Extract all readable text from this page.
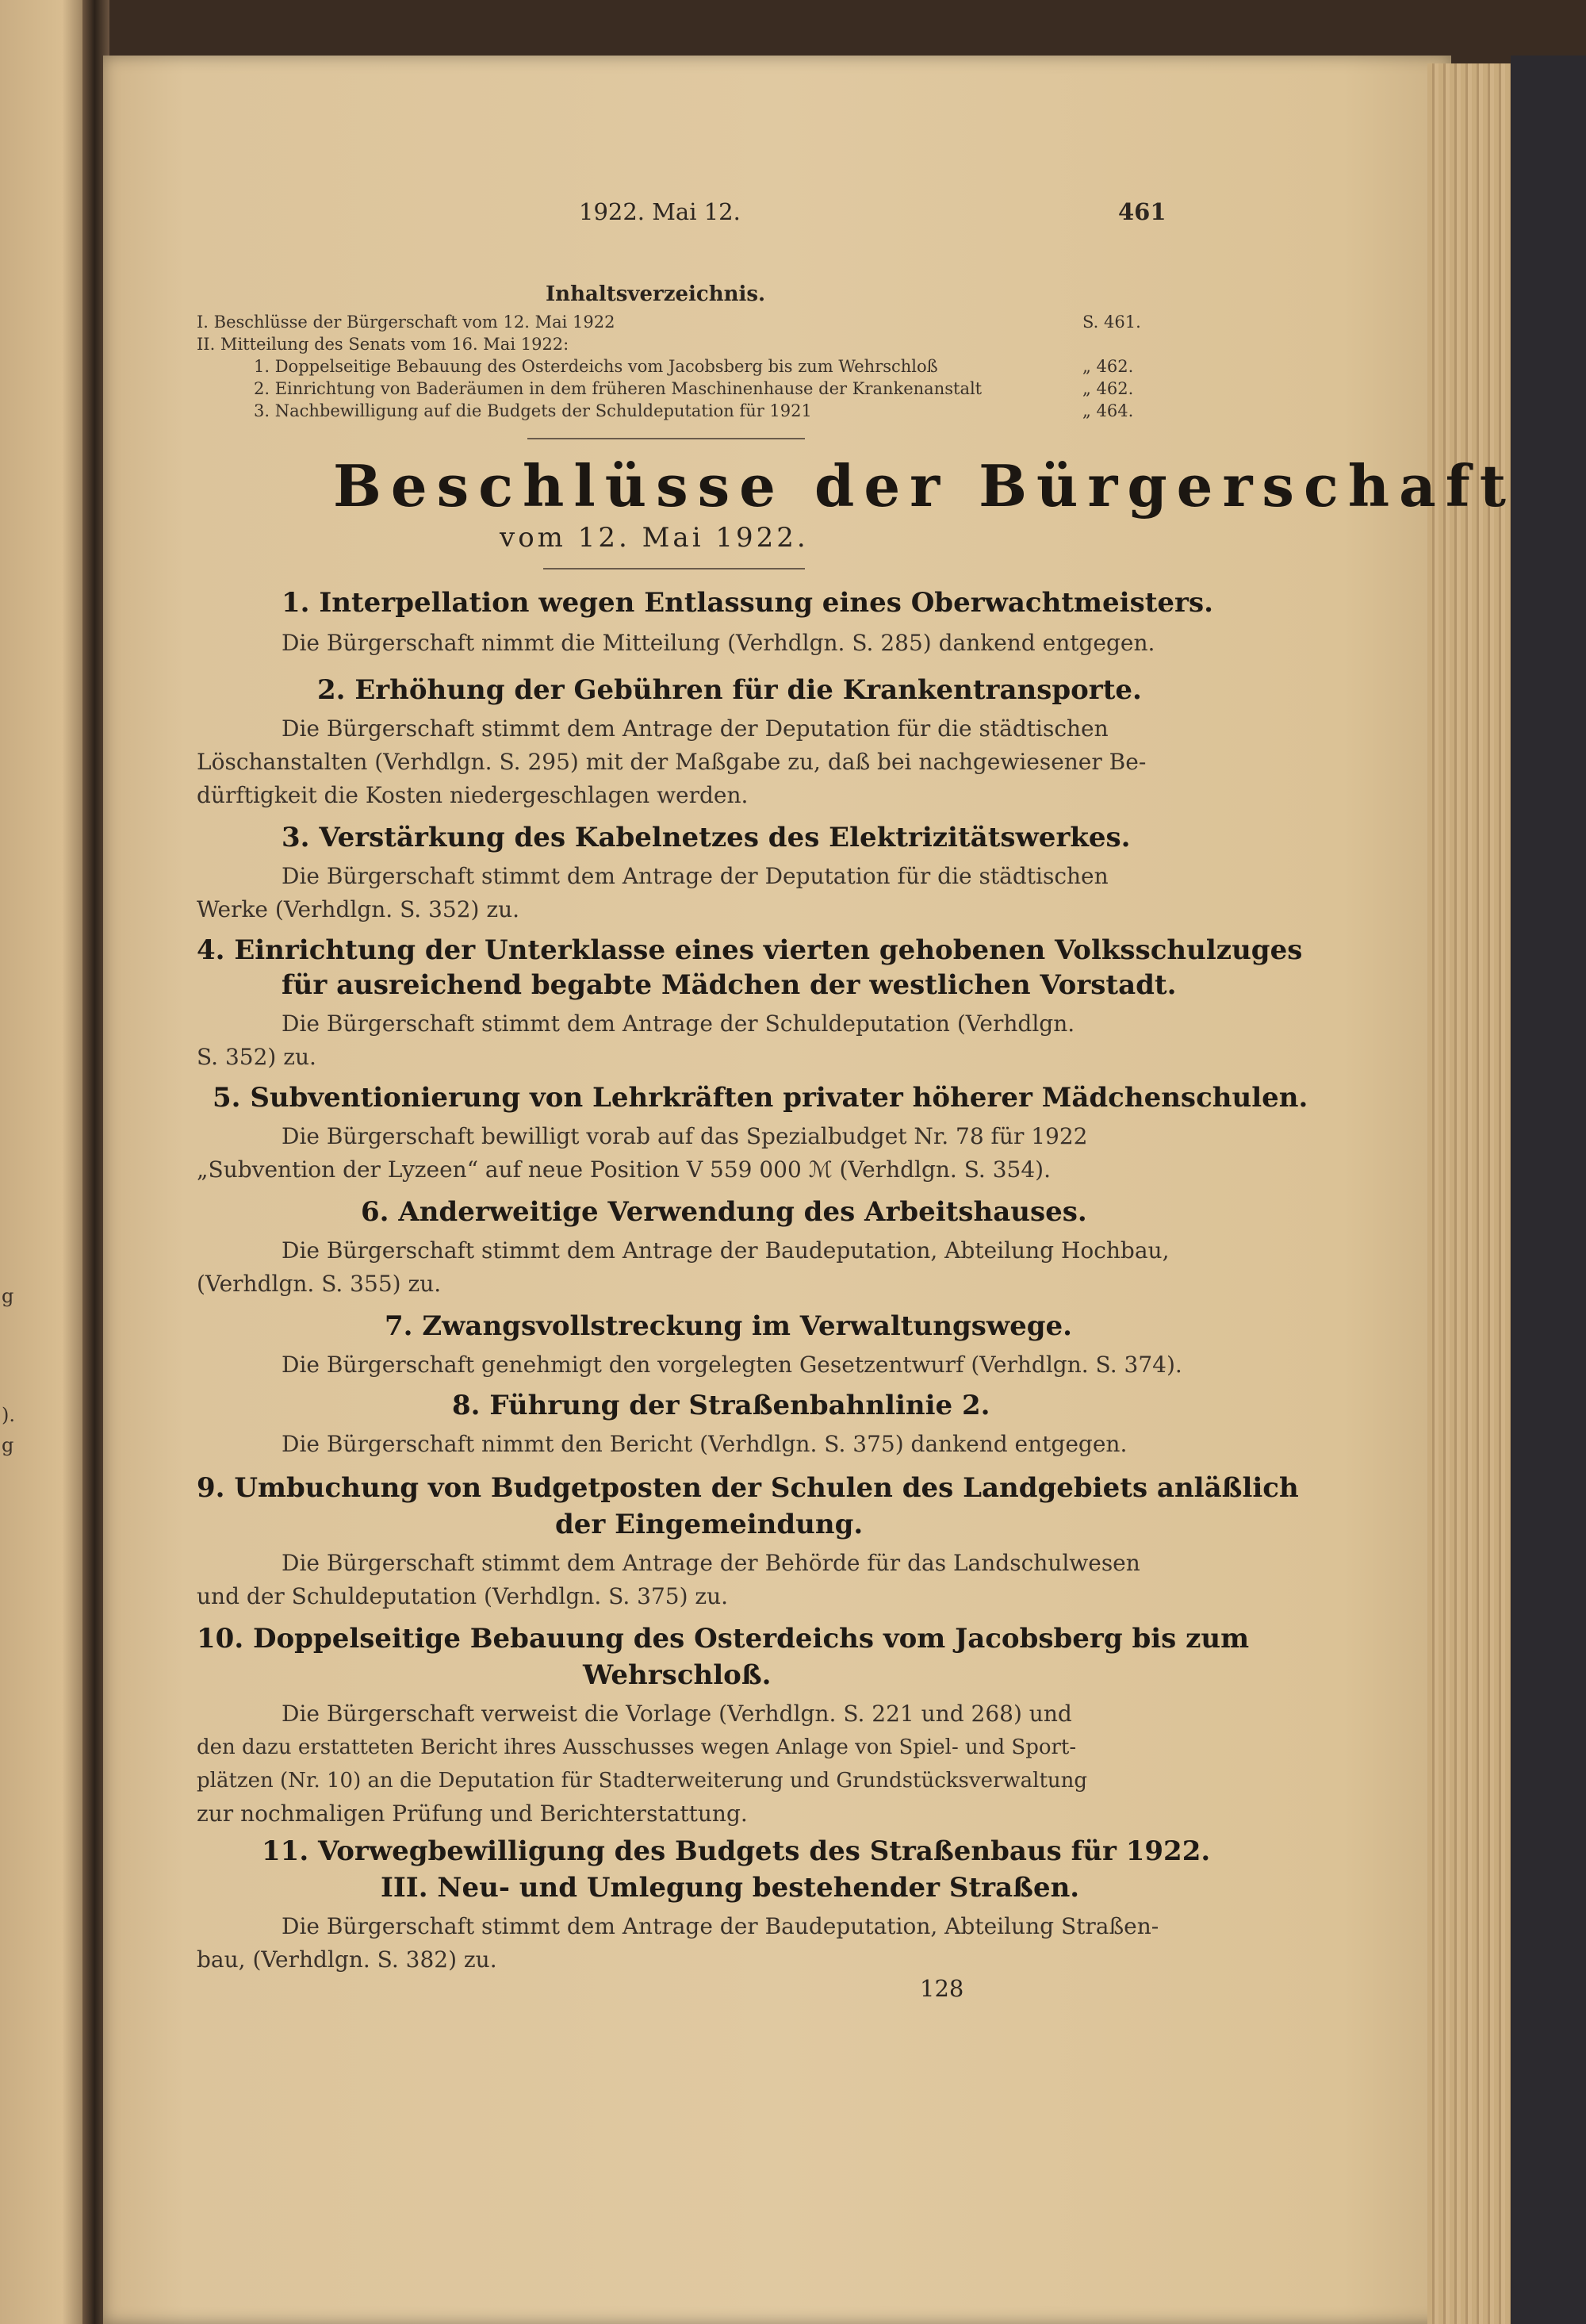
g
).
g
1922. Mai 12.	461
Inhaltsverzeichnis.
I. Beschlüsse der Bürgerschaft vom 12. Mai 1922	S. 461.
II. Mitteilung des Senats vom 16. Mai 1922:
1. Doppelseitige Bebauung des Osterdeichs vom Jacobsberg bis zum Wehrschloß	„ 462.
2. Einrichtung von Baderäumen in dem früheren Maschinenhause der Krankenanstalt	„ 462.
3. Nachbewilligung auf die Budgets der Schuldeputation für 1921	„ 464.
Beschlüsse der Bürgerschaft
vom 12. Mai 1922.
1. Interpellation wegen Entlassung eines Oberwachtmeisters.
Die Bürgerschaft nimmt die Mitteilung (Verhdlgn. S. 285) dankend entgegen.
2. Erhöhung der Gebühren für die Krankentransporte.
Die Bürgerschaft stimmt dem Antrage der Deputation für die städtischen
Löschanstalten (Verhdlgn. S. 295) mit der Maßgabe zu, daß bei nachgewiesener Be-
dürftigkeit die Kosten niedergeschlagen werden.
3. Verstärkung des Kabelnetzes des Elektrizitätswerkes.
Die Bürgerschaft stimmt dem Antrage der Deputation für die städtischen
Werke (Verhdlgn. S. 352) zu.
4. Einrichtung der Unterklasse eines vierten gehobenen Volksschulzuges
für ausreichend begabte Mädchen der westlichen Vorstadt.
Die Bürgerschaft stimmt dem Antrage der Schuldeputation (Verhdlgn.
S. 352) zu.
5. Subventionierung von Lehrkräften privater höherer Mädchenschulen.
Die Bürgerschaft bewilligt vorab auf das Spezialbudget Nr. 78 für 1922
„Subvention der Lyzeen“ auf neue Position V 559 000 ℳ (Verhdlgn. S. 354).
6. Anderweitige Verwendung des Arbeitshauses.
Die Bürgerschaft stimmt dem Antrage der Baudeputation, Abteilung Hochbau,
(Verhdlgn. S. 355) zu.
7. Zwangsvollstreckung im Verwaltungswege.
Die Bürgerschaft genehmigt den vorgelegten Gesetzentwurf (Verhdlgn. S. 374).
8. Führung der Straßenbahnlinie 2.
Die Bürgerschaft nimmt den Bericht (Verhdlgn. S. 375) dankend entgegen.
9. Umbuchung von Budgetposten der Schulen des Landgebiets anläßlich
der Eingemeindung.
Die Bürgerschaft stimmt dem Antrage der Behörde für das Landschulwesen
und der Schuldeputation (Verhdlgn. S. 375) zu.
10. Doppelseitige Bebauung des Osterdeichs vom Jacobsberg bis zum
Wehrschloß.
Die Bürgerschaft verweist die Vorlage (Verhdlgn. S. 221 und 268) und
den dazu erstatteten Bericht ihres Ausschusses wegen Anlage von Spiel- und Sport-
plätzen (Nr. 10) an die Deputation für Stadterweiterung und Grundstücksverwaltung
zur nochmaligen Prüfung und Berichterstattung.
11. Vorwegbewilligung des Budgets des Straßenbaus für 1922.
III. Neu- und Umlegung bestehender Straßen.
Die Bürgerschaft stimmt dem Antrage der Baudeputation, Abteilung Straßen-
bau, (Verhdlgn. S. 382) zu.
128
